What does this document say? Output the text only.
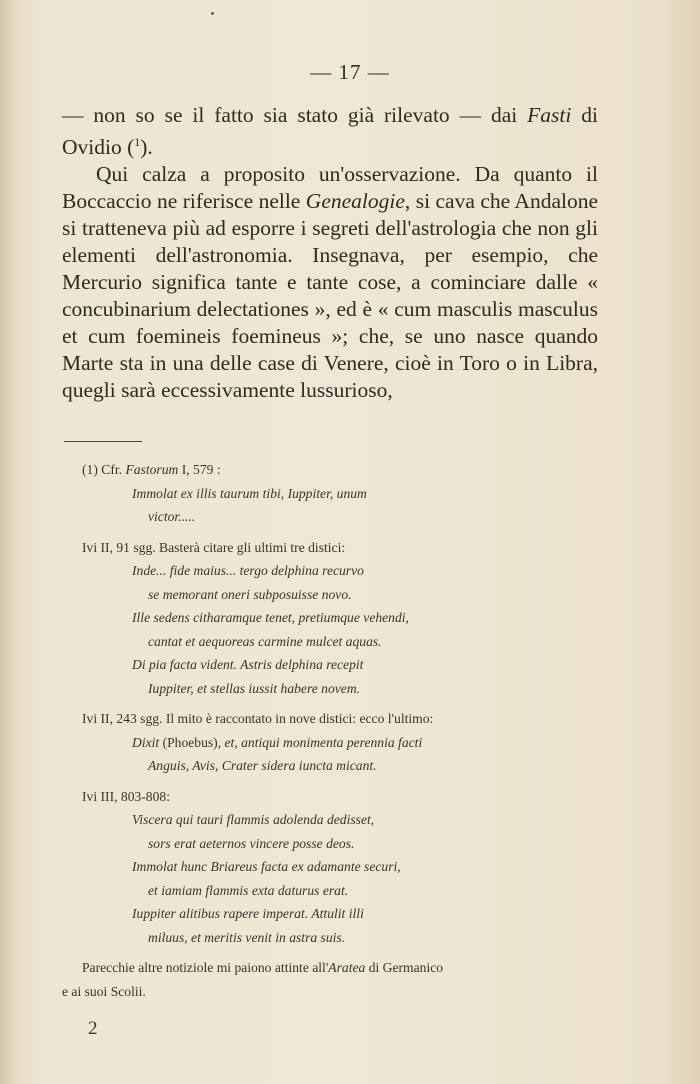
— 17 —

— non so se il fatto sia stato già rilevato — dai Fasti di Ovidio ($^1$).

Qui calza a proposito un'osservazione. Da quanto il Boccaccio ne riferisce nelle Genealogie, si cava che Andalone si tratteneva più ad esporre i segreti dell'astrologia che non gli elementi dell'astronomia. Insegnava, per esempio, che Mercurio significa tante e tante cose, a cominciare dalle « concubinarium delectationes », ed è « cum masculis masculus et cum foemineis foemineus »; che, se uno nasce quando Marte sta in una delle case di Venere, cioè in Toro o in Libra, quegli sarà eccessivamente lussurioso,

(1) Cfr. Fastorum I, 579 :
Immolat ex illis taurum tibi, Iuppiter, unum
victor.....
Ivi II, 91 sgg. Basterà citare gli ultimi tre distici:
Inde... fide maius... tergo delphina recurvo
se memorant oneri subposuisse novo.
Ille sedens citharamque tenet, pretiumque vehendi,
cantat et aequoreas carmine mulcet aquas.
Di pia facta vident. Astris delphina recepit
Iuppiter, et stellas iussit habere novem.
Ivi II, 243 sgg. Il mito è raccontato in nove distici: ecco l'ultimo:
Dixit (Phoebus), et, antiqui monimenta perennia facti
Anguis, Avis, Crater sidera iuncta micant.
Ivi III, 803-808:
Viscera qui tauri flammis adolenda dedisset,
sors erat aeternos vincere posse deos.
Immolat hunc Briareus facta ex adamante securi,
et iamiam flammis exta daturus erat.
Iuppiter alitibus rapere imperat. Attulit illi
miluus, et meritis venit in astra suis.
Parecchie altre notiziole mi paiono attinte all'Aratea di Germanico
e ai suoi Scolii.
2
